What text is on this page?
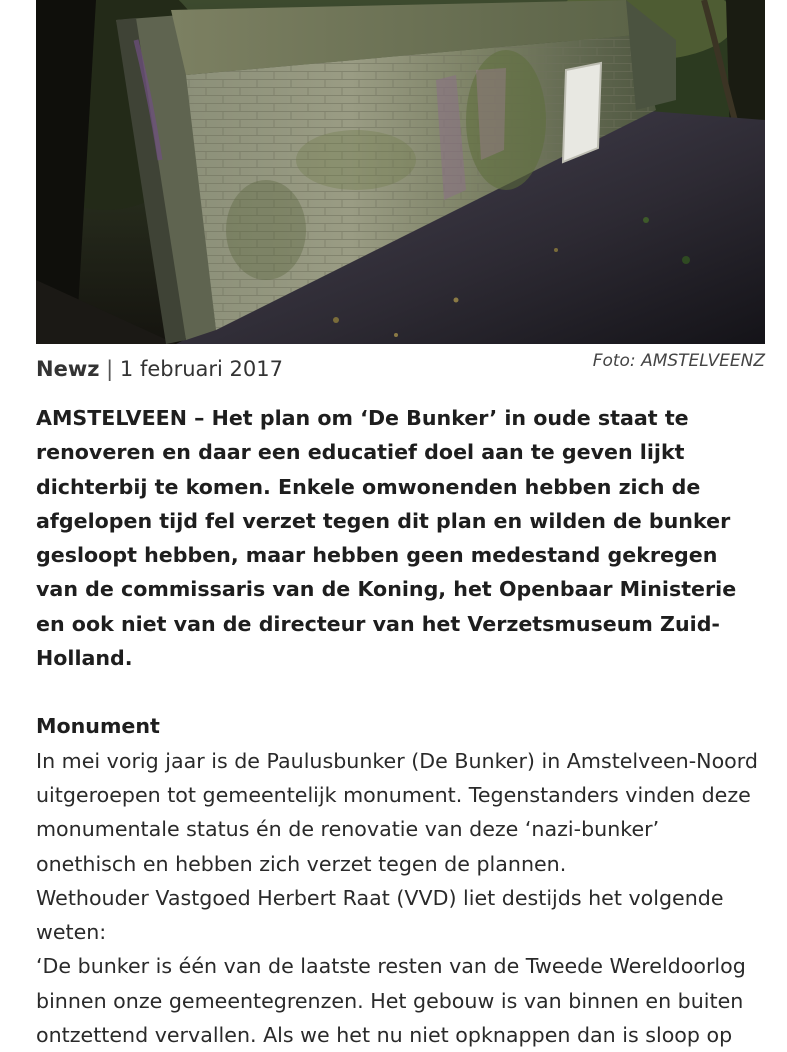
Newz | 1 februari 2017	Foto: AMSTELVEENZ

AMSTELVEEN – Het plan om ‘De Bunker’ in oude staat te renoveren en daar een educatief doel aan te geven lijkt dichterbij te komen. Enkele omwonenden hebben zich de afgelopen tijd fel verzet tegen dit plan en wilden de bunker gesloopt hebben, maar hebben geen medestand gekregen van de commissaris van de Koning, het Openbaar Ministerie en ook niet van de directeur van het Verzetsmuseum Zuid-Holland.

Monument

In mei vorig jaar is de Paulusbunker (De Bunker) in Amstelveen-Noord uitgeroepen tot gemeentelijk monument. Tegenstanders vinden deze monumentale status én de renovatie van deze ‘nazi-bunker’ onethisch en hebben zich verzet tegen de plannen.

Wethouder Vastgoed Herbert Raat (VVD) liet destijds het volgende weten:

‘De bunker is één van de laatste resten van de Tweede Wereldoorlog binnen onze gemeentegrenzen. Het gebouw is van binnen en buiten ontzettend vervallen. Als we het nu niet opknappen dan is sloop op
